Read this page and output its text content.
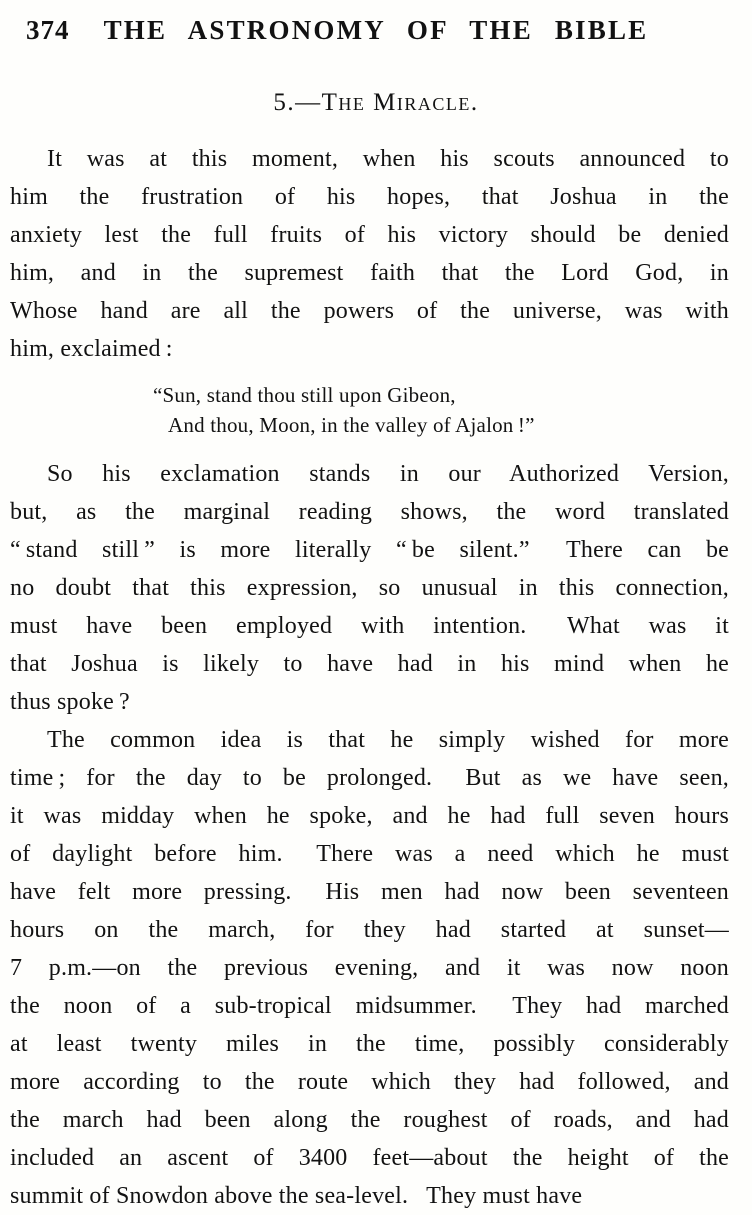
374	THE ASTRONOMY OF THE BIBLE
5.—The Miracle.
It was at this moment, when his scouts announced to
him the frustration of his hopes, that Joshua in the
anxiety lest the full fruits of his victory should be denied
him, and in the supremest faith that the Lord God, in
Whose hand are all the powers of the universe, was with
him, exclaimed :
“Sun, stand thou still upon Gibeon,
And thou, Moon, in the valley of Ajalon !”
So his exclamation stands in our Authorized Version,
but, as the marginal reading shows, the word translated
“ stand still ” is more literally “ be silent.”  There can be
no doubt that this expression, so unusual in this connection,
must have been employed with intention.  What was it
that Joshua is likely to have had in his mind when he
thus spoke ?
The common idea is that he simply wished for more
time ; for the day to be prolonged.  But as we have seen,
it was midday when he spoke, and he had full seven hours
of daylight before him.  There was a need which he must
have felt more pressing.  His men had now been seventeen
hours on the march, for they had started at sunset—
7 p.m.—on the previous evening, and it was now noon
the noon of a sub-tropical midsummer.  They had marched
at least twenty miles in the time, possibly considerably
more according to the route which they had followed, and
the march had been along the roughest of roads, and had
included an ascent of 3400 feet—about the height of the
summit of Snowdon above the sea-level.  They must have
